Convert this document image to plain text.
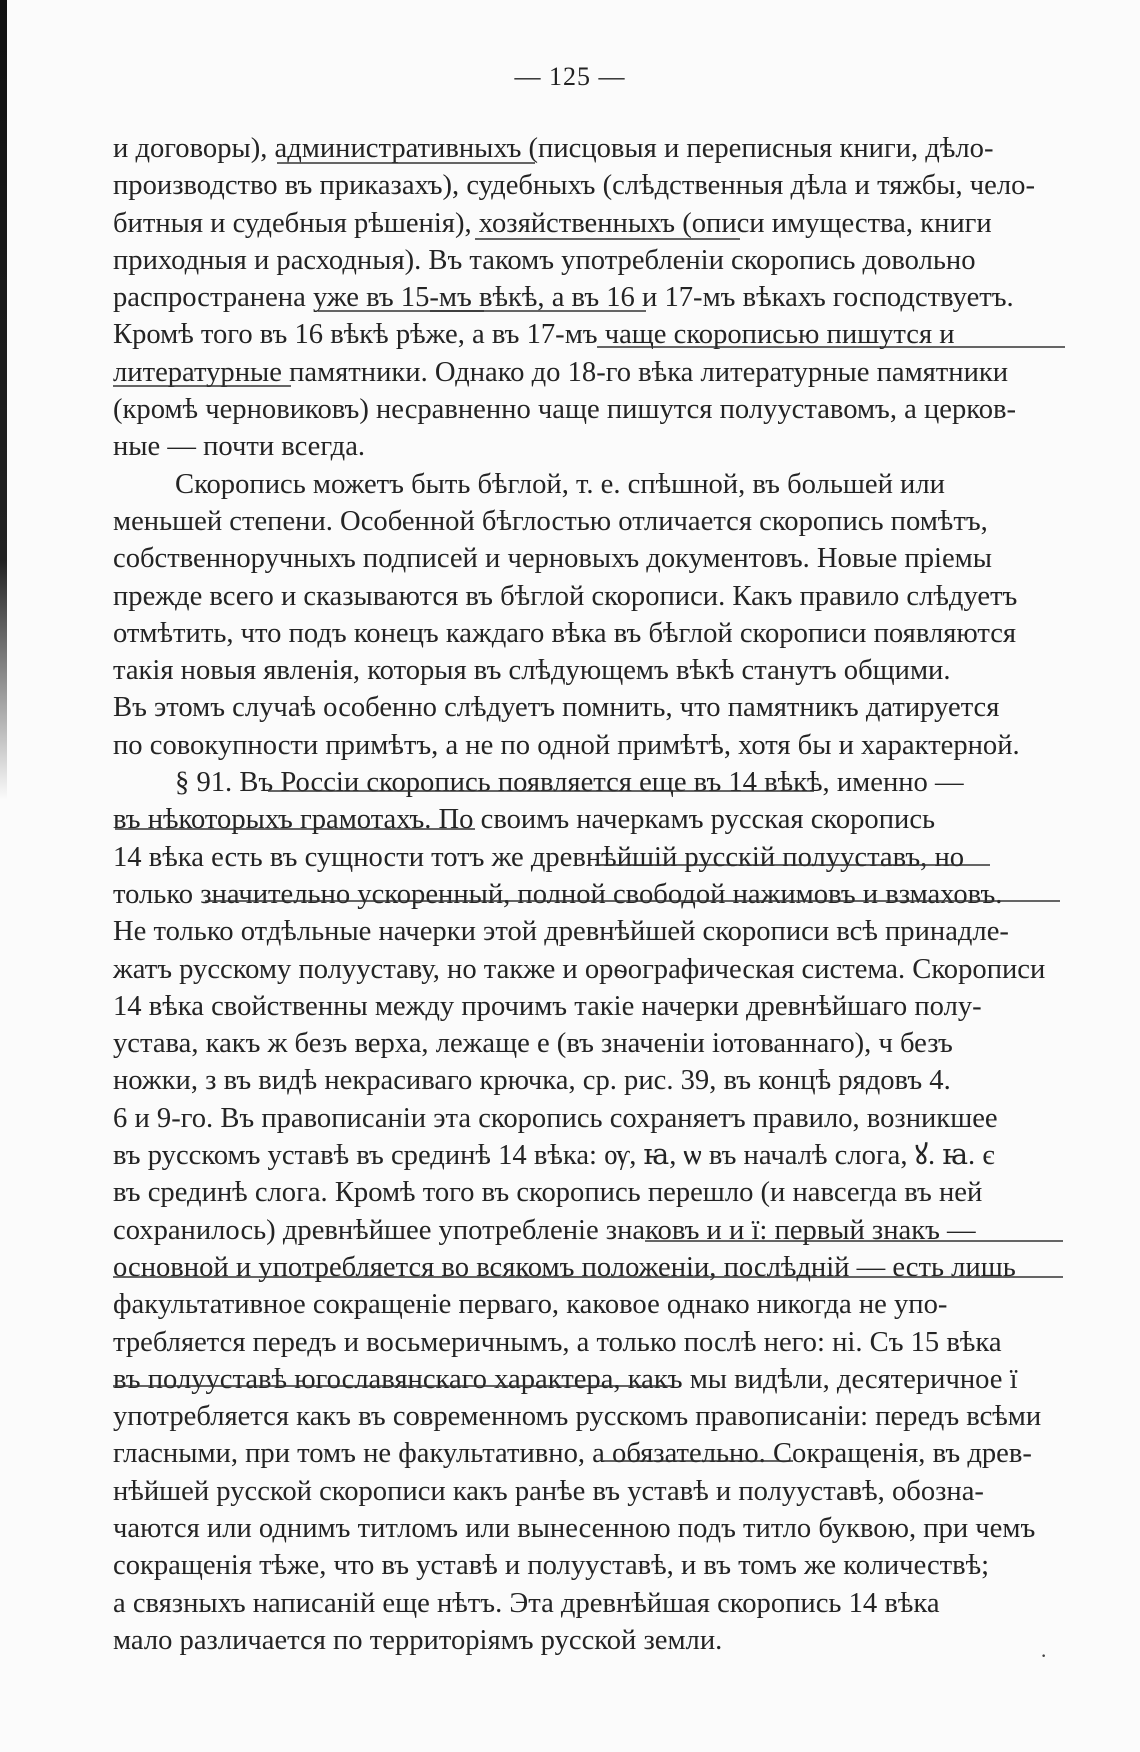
— 125 —
и договоры), административныхъ (писцовыя и переписныя книги, дѣло-
производство въ приказахъ), судебныхъ (слѣдственныя дѣла и тяжбы, чело-
битныя и судебныя рѣшенія), хозяйственныхъ (описи имущества, книги
приходныя и расходныя). Въ такомъ употребленіи скоропись довольно
распространена уже въ 15-мъ вѣкѣ, а въ 16 и 17-мъ вѣкахъ господствуетъ.
Кромѣ того въ 16 вѣкѣ рѣже, а въ 17-мъ чаще скорописью пишутся и
литературные памятники. Однако до 18-го вѣка литературные памятники
(кромѣ черновиковъ) несравненно чаще пишутся полууставомъ, а церков-
ные — почти всегда.
Скоропись можетъ быть бѣглой, т. е. спѣшной, въ большей или
меньшей степени. Особенной бѣглостью отличается скоропись помѣтъ,
собственноручныхъ подписей и черновыхъ документовъ. Новые пріемы
прежде всего и сказываются въ бѣглой скорописи. Какъ правило слѣдуетъ
отмѣтить, что подъ конецъ каждаго вѣка въ бѣглой скорописи появляются
такія новыя явленія, которыя въ слѣдующемъ вѣкѣ станутъ общими.
Въ этомъ случаѣ особенно слѣдуетъ помнить, что памятникъ датируется
по совокупности примѣтъ, а не по одной примѣтѣ, хотя бы и характерной.
§ 91. Въ Россіи скоропись появляется еще въ 14 вѣкѣ, именно —
въ нѣкоторыхъ грамотахъ. По своимъ начеркамъ русская скоропись
14 вѣка есть въ сущности тотъ же древнѣйшій русскій полууставъ, но
только значительно ускоренный, полной свободой нажимовъ и взмаховъ.
Не только отдѣльные начерки этой древнѣйшей скорописи всѣ принадле-
жатъ русскому полууставу, но также и орѳографическая система. Скорописи
14 вѣка свойственны между прочимъ такіе начерки древнѣйшаго полу-
устава, какъ ж безъ верха, лежаще е (въ значеніи іотованнаго), ч безъ
ножки, з въ видѣ некрасиваго крючка, ср. рис. 39, въ концѣ рядовъ 4.
6 и 9-го. Въ правописаніи эта скоропись сохраняетъ правило, возникшее
въ русскомъ уставѣ въ срединѣ 14 вѣка: ѹ, ꙗ, ѡ въ началѣ слога, ꙋ. ꙗ. є
въ срединѣ слога. Кромѣ того въ скоропись перешло (и навсегда въ ней
сохранилось) древнѣйшее употребленіе знаковъ и и ї: первый знакъ —
основной и употребляется во всякомъ положеніи, послѣдній — есть лишь
факультативное сокращеніе перваго, каковое однако никогда не упо-
требляется передъ и восьмеричнымъ, а только послѣ него: ні. Съ 15 вѣка
въ полууставѣ югославянскаго характера, какъ мы видѣли, десятеричное ї
употребляется какъ въ современномъ русскомъ правописаніи: передъ всѣми
гласными, при томъ не факультативно, а обязательно. Сокращенія, въ древ-
нѣйшей русской скорописи какъ ранѣе въ уставѣ и полууставѣ, обозна-
чаются или однимъ титломъ или вынесенною подъ титло буквою, при чемъ
сокращенія тѣже, что въ уставѣ и полууставѣ, и въ томъ же количествѣ;
а связныхъ написаній еще нѣтъ. Эта древнѣйшая скоропись 14 вѣка
мало различается по территоріямъ русской земли.	·
